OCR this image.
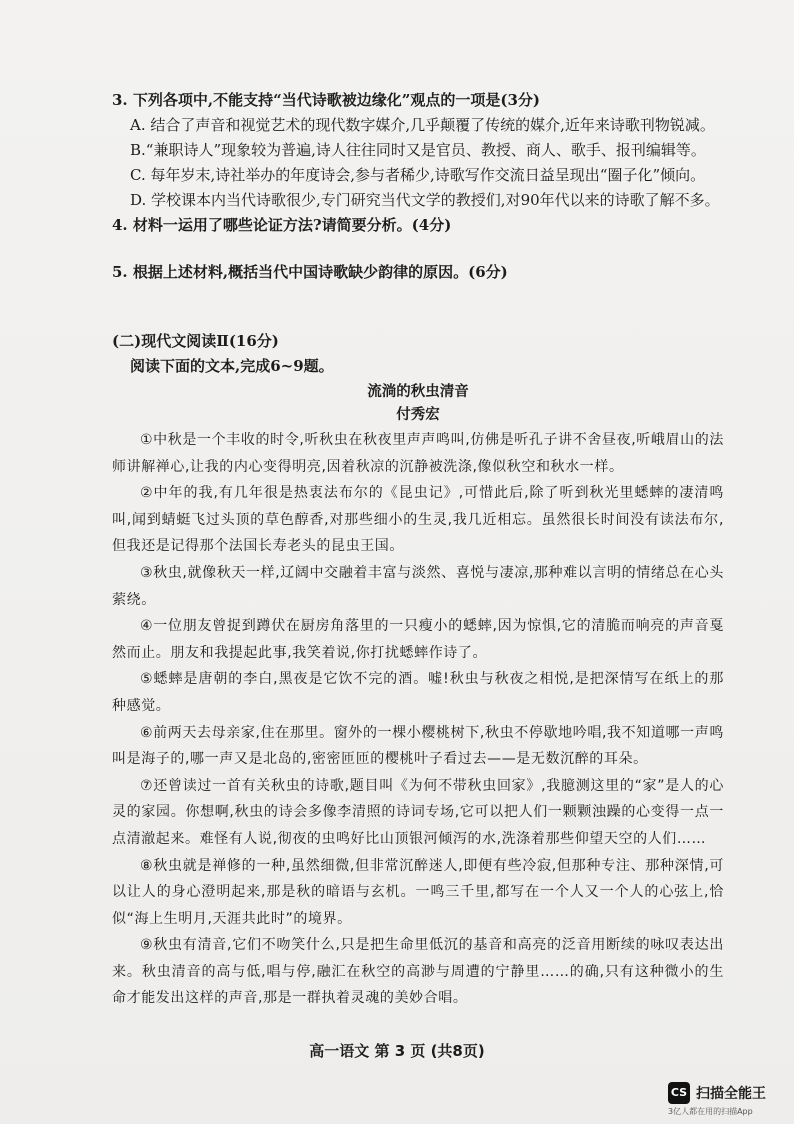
3. 下列各项中,不能支持“当代诗歌被边缘化”观点的一项是(3分)
A. 结合了声音和视觉艺术的现代数字媒介,几乎颠覆了传统的媒介,近年来诗歌刊物锐减。
B.“兼职诗人”现象较为普遍,诗人往往同时又是官员、教授、商人、歌手、报刊编辑等。
C. 每年岁末,诗社举办的年度诗会,参与者稀少,诗歌写作交流日益呈现出“圈子化”倾向。
D. 学校课本内当代诗歌很少,专门研究当代文学的教授们,对90年代以来的诗歌了解不多。
4. 材料一运用了哪些论证方法?请简要分析。(4分)
5. 根据上述材料,概括当代中国诗歌缺少韵律的原因。(6分)
(二)现代文阅读Ⅱ(16分)
阅读下面的文本,完成6~9题。
流淌的秋虫清音
付秀宏
①中秋是一个丰收的时令,听秋虫在秋夜里声声鸣叫,仿佛是听孔子讲不舍昼夜,听峨眉山的法师讲解禅心,让我的内心变得明亮,因着秋凉的沉静被洗涤,像似秋空和秋水一样。
②中年的我,有几年很是热衷法布尔的《昆虫记》,可惜此后,除了听到秋光里蟋蟀的凄清鸣叫,闻到蜻蜓飞过头顶的草色醇香,对那些细小的生灵,我几近相忘。虽然很长时间没有读法布尔,但我还是记得那个法国长寿老头的昆虫王国。
③秋虫,就像秋天一样,辽阔中交融着丰富与淡然、喜悦与凄凉,那种难以言明的情绪总在心头萦绕。
④一位朋友曾捉到蹲伏在厨房角落里的一只瘦小的蟋蟀,因为惊惧,它的清脆而响亮的声音戛然而止。朋友和我提起此事,我笑着说,你打扰蟋蟀作诗了。
⑤蟋蟀是唐朝的李白,黑夜是它饮不完的酒。嘘!秋虫与秋夜之相悦,是把深情写在纸上的那种感觉。
⑥前两天去母亲家,住在那里。窗外的一棵小樱桃树下,秋虫不停歇地吟唱,我不知道哪一声鸣叫是海子的,哪一声又是北岛的,密密匝匝的樱桃叶子看过去——是无数沉醉的耳朵。
⑦还曾读过一首有关秋虫的诗歌,题目叫《为何不带秋虫回家》,我臆测这里的“家”是人的心灵的家园。你想啊,秋虫的诗会多像李清照的诗词专场,它可以把人们一颗颗浊躁的心变得一点一点清澈起来。难怪有人说,彻夜的虫鸣好比山顶银河倾泻的水,洗涤着那些仰望天空的人们……
⑧秋虫就是禅修的一种,虽然细微,但非常沉醉迷人,即便有些冷寂,但那种专注、那种深情,可以让人的身心澄明起来,那是秋的暗语与玄机。一鸣三千里,都写在一个人又一个人的心弦上,恰似“海上生明月,天涯共此时”的境界。
⑨秋虫有清音,它们不吻笑什么,只是把生命里低沉的基音和高亮的泛音用断续的咏叹表达出来。秋虫清音的高与低,唱与停,融汇在秋空的高渺与周遭的宁静里……的确,只有这种微小的生命才能发出这样的声音,那是一群执着灵魂的美妙合唱。
高一语文 第 3 页 (共8页)
CS 扫描全能王
3亿人都在用的扫描App
